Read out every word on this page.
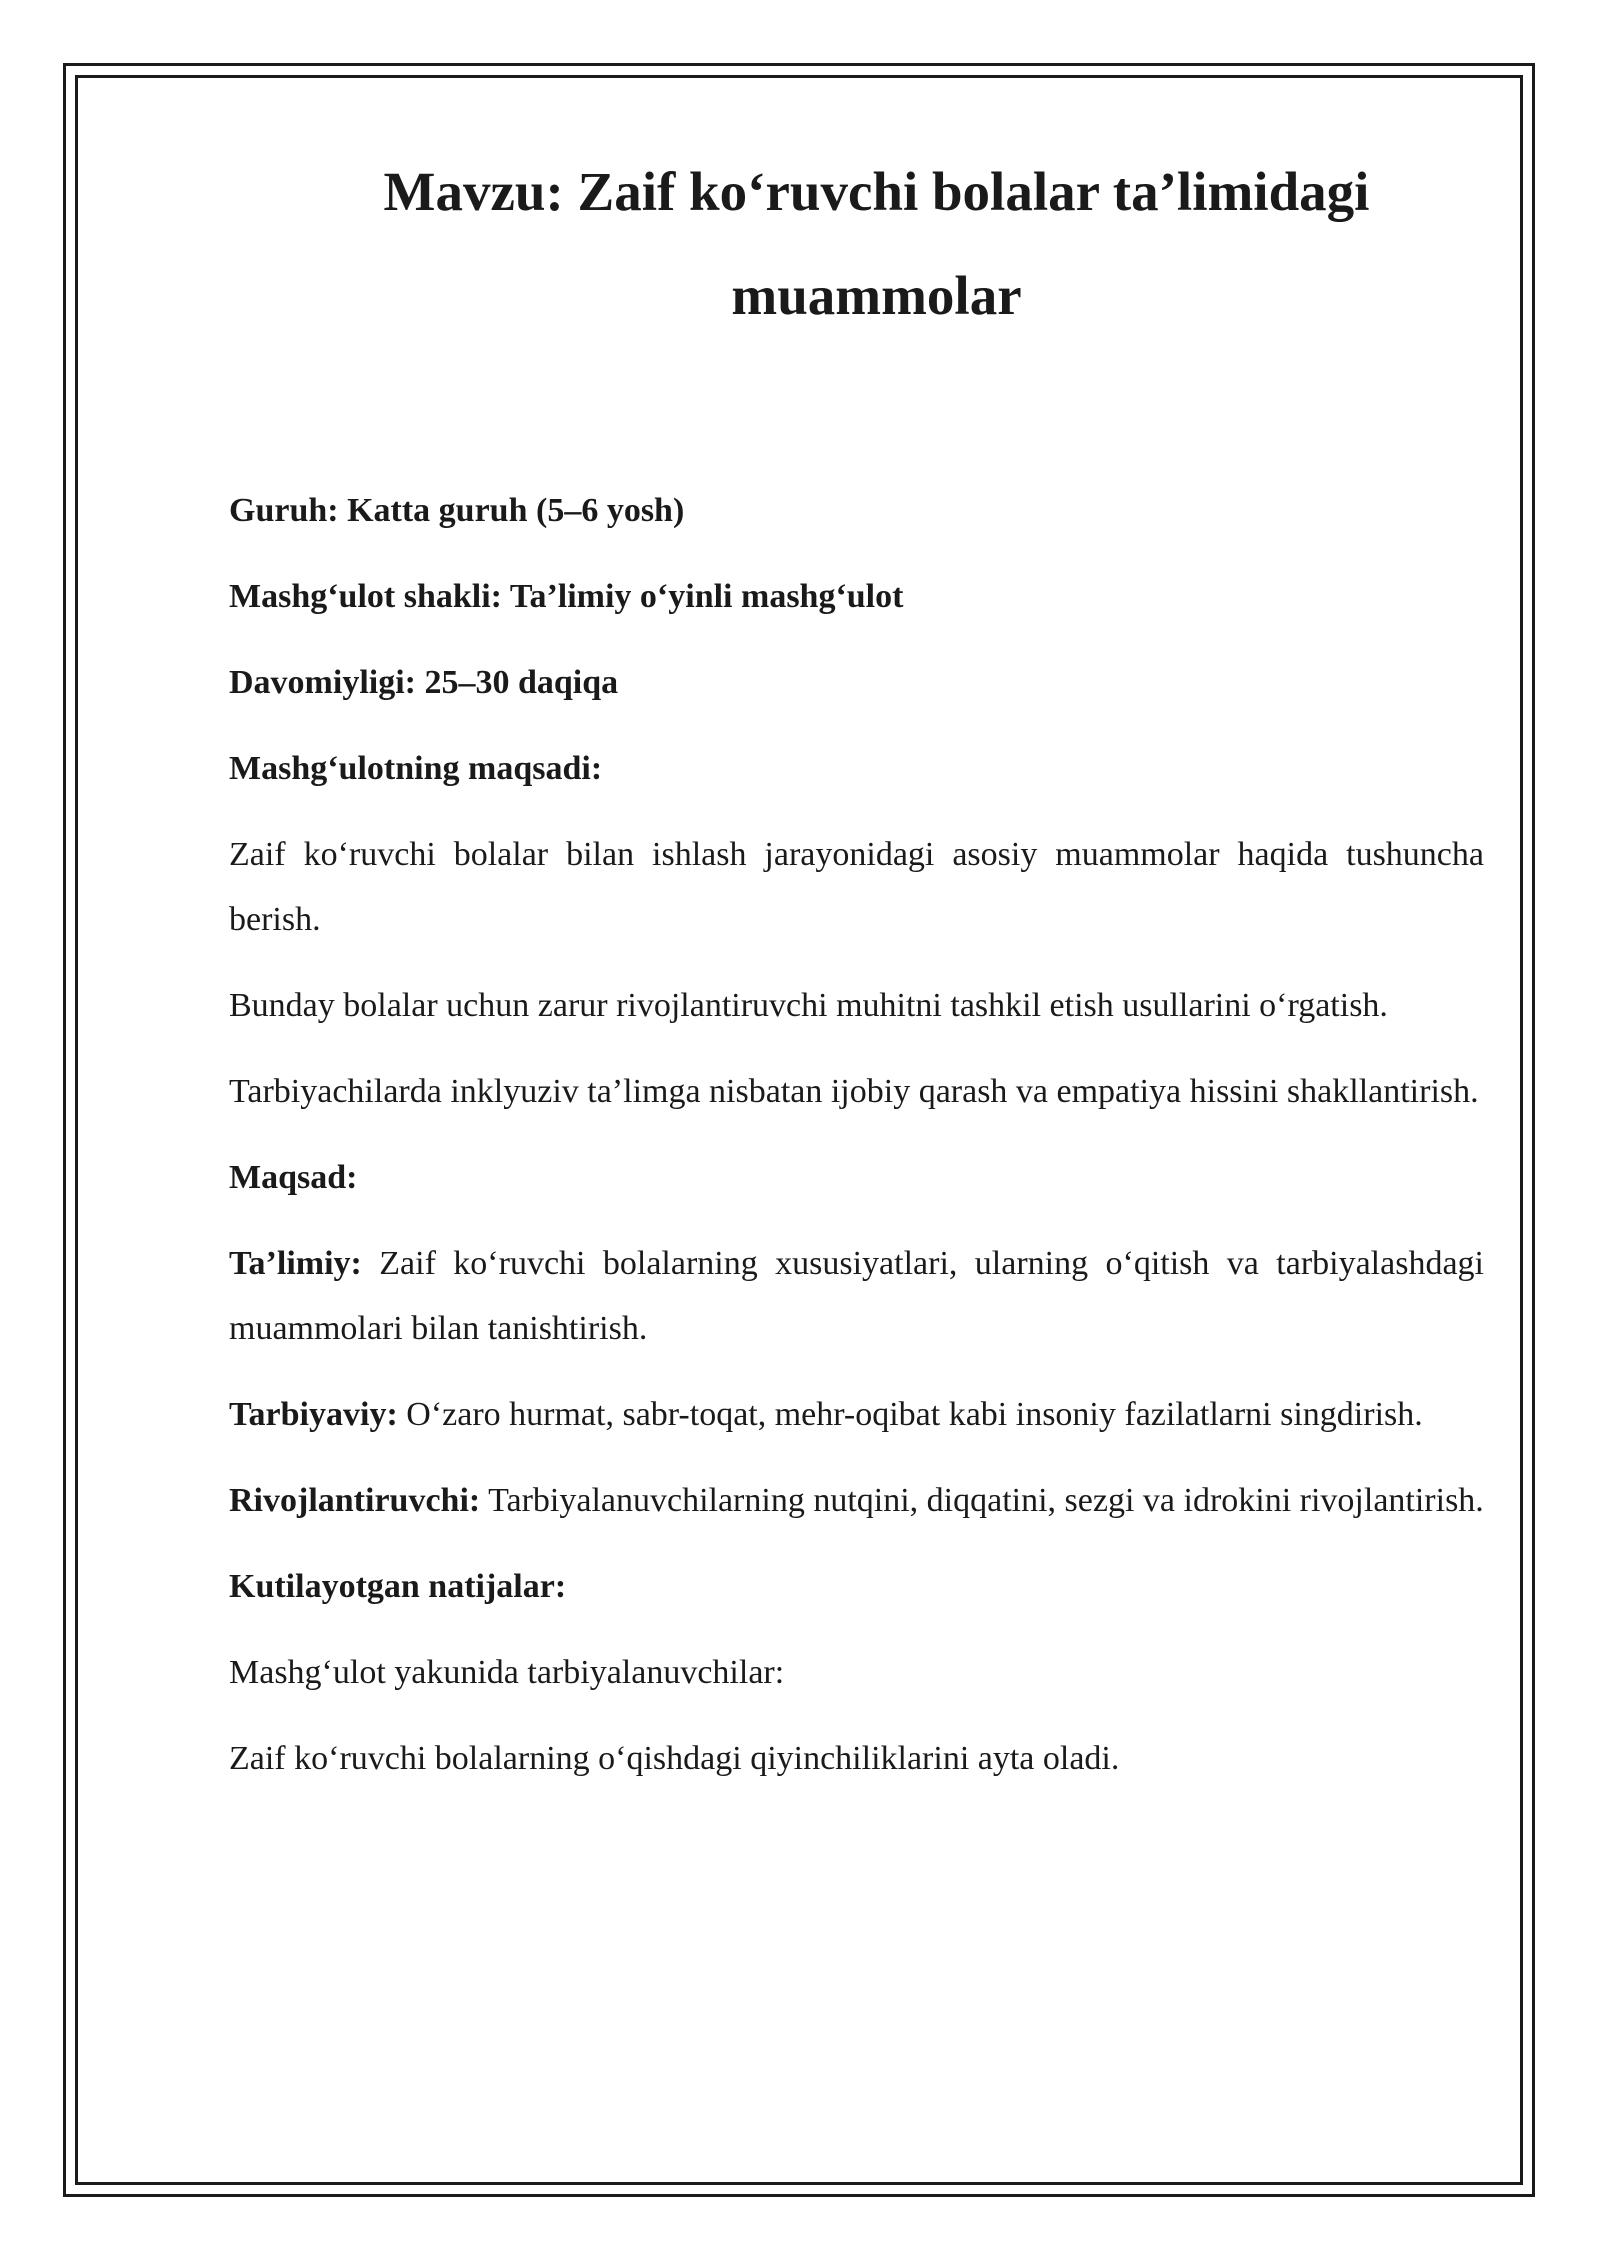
Mavzu: Zaif ko‘ruvchi bolalar ta’limidagi muammolar

Guruh: Katta guruh (5–6 yosh)

Mashg‘ulot shakli: Ta’limiy o‘yinli mashg‘ulot

Davomiyligi: 25–30 daqiqa

Mashg‘ulotning maqsadi:

Zaif ko‘ruvchi bolalar bilan ishlash jarayonidagi asosiy muammolar haqida tushuncha berish.

Bunday bolalar uchun zarur rivojlantiruvchi muhitni tashkil etish usullarini o‘rgatish.

Tarbiyachilarda inklyuziv ta’limga nisbatan ijobiy qarash va empatiya hissini shakllantirish.

Maqsad:

Ta’limiy: Zaif ko‘ruvchi bolalarning xususiyatlari, ularning o‘qitish va tarbiyalashdagi muammolari bilan tanishtirish.

Tarbiyaviy: O‘zaro hurmat, sabr-toqat, mehr-oqibat kabi insoniy fazilatlarni singdirish.

Rivojlantiruvchi: Tarbiyalanuvchilarning nutqini, diqqatini, sezgi va idrokini rivojlantirish.

Kutilayotgan natijalar:

Mashg‘ulot yakunida tarbiyalanuvchilar:

Zaif ko‘ruvchi bolalarning o‘qishdagi qiyinchiliklarini ayta oladi.
